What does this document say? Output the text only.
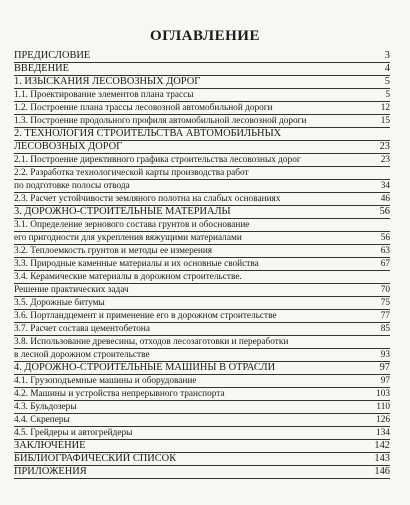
ОГЛАВЛЕНИЕ
ПРЕДИСЛОВИЕ	3
ВВЕДЕНИЕ	4
1. ИЗЫСКАНИЯ ЛЕСОВОЗНЫХ ДОРОГ	5
1.1. Проектирование элементов плана трассы	5
1.2. Построение плана трассы лесовозной автомобильной дороги	12
1.3. Построение продольного профиля автомобильной лесовозной дороги	15
2. ТЕХНОЛОГИЯ СТРОИТЕЛЬСТВА АВТОМОБИЛЬНЫХ
ЛЕСОВОЗНЫХ ДОРОГ	23
2.1. Построение директивного графика строительства лесовозных дорог	23
2.2. Разработка технологической карты производства работ
по подготовке полосы отвода	34
2.3. Расчет устойчивости земляного полотна на слабых основаниях	46
3. ДОРОЖНО-СТРОИТЕЛЬНЫЕ МАТЕРИАЛЫ	56
3.1. Определение зернового состава грунтов и обоснование
его пригодности для укрепления вяжущими материалами	56
3.2. Теплоемкость грунтов и методы ее измерения	63
3.3. Природные каменные материалы и их основные свойства	67
3.4. Керамические материалы в дорожном строительстве.
Решение практических задач	70
3.5. Дорожные битумы	75
3.6. Портландцемент и применение его в дорожном строительстве	77
3.7. Расчет состава цементобетона	85
3.8. Использование древесины, отходов лесозаготовки и переработки
в лесной дорожном строительстве	93
4. ДОРОЖНО-СТРОИТЕЛЬНЫЕ МАШИНЫ В ОТРАСЛИ	97
4.1. Грузоподъемные машины и оборудование	97
4.2. Машины и устройства непрерывного транспорта	103
4.3. Бульдозеры	110
4.4. Скреперы	126
4.5. Грейдеры и автогрейдеры	134
ЗАКЛЮЧЕНИЕ	142
БИБЛИОГРАФИЧЕСКИЙ СПИСОК	143
ПРИЛОЖЕНИЯ	146
